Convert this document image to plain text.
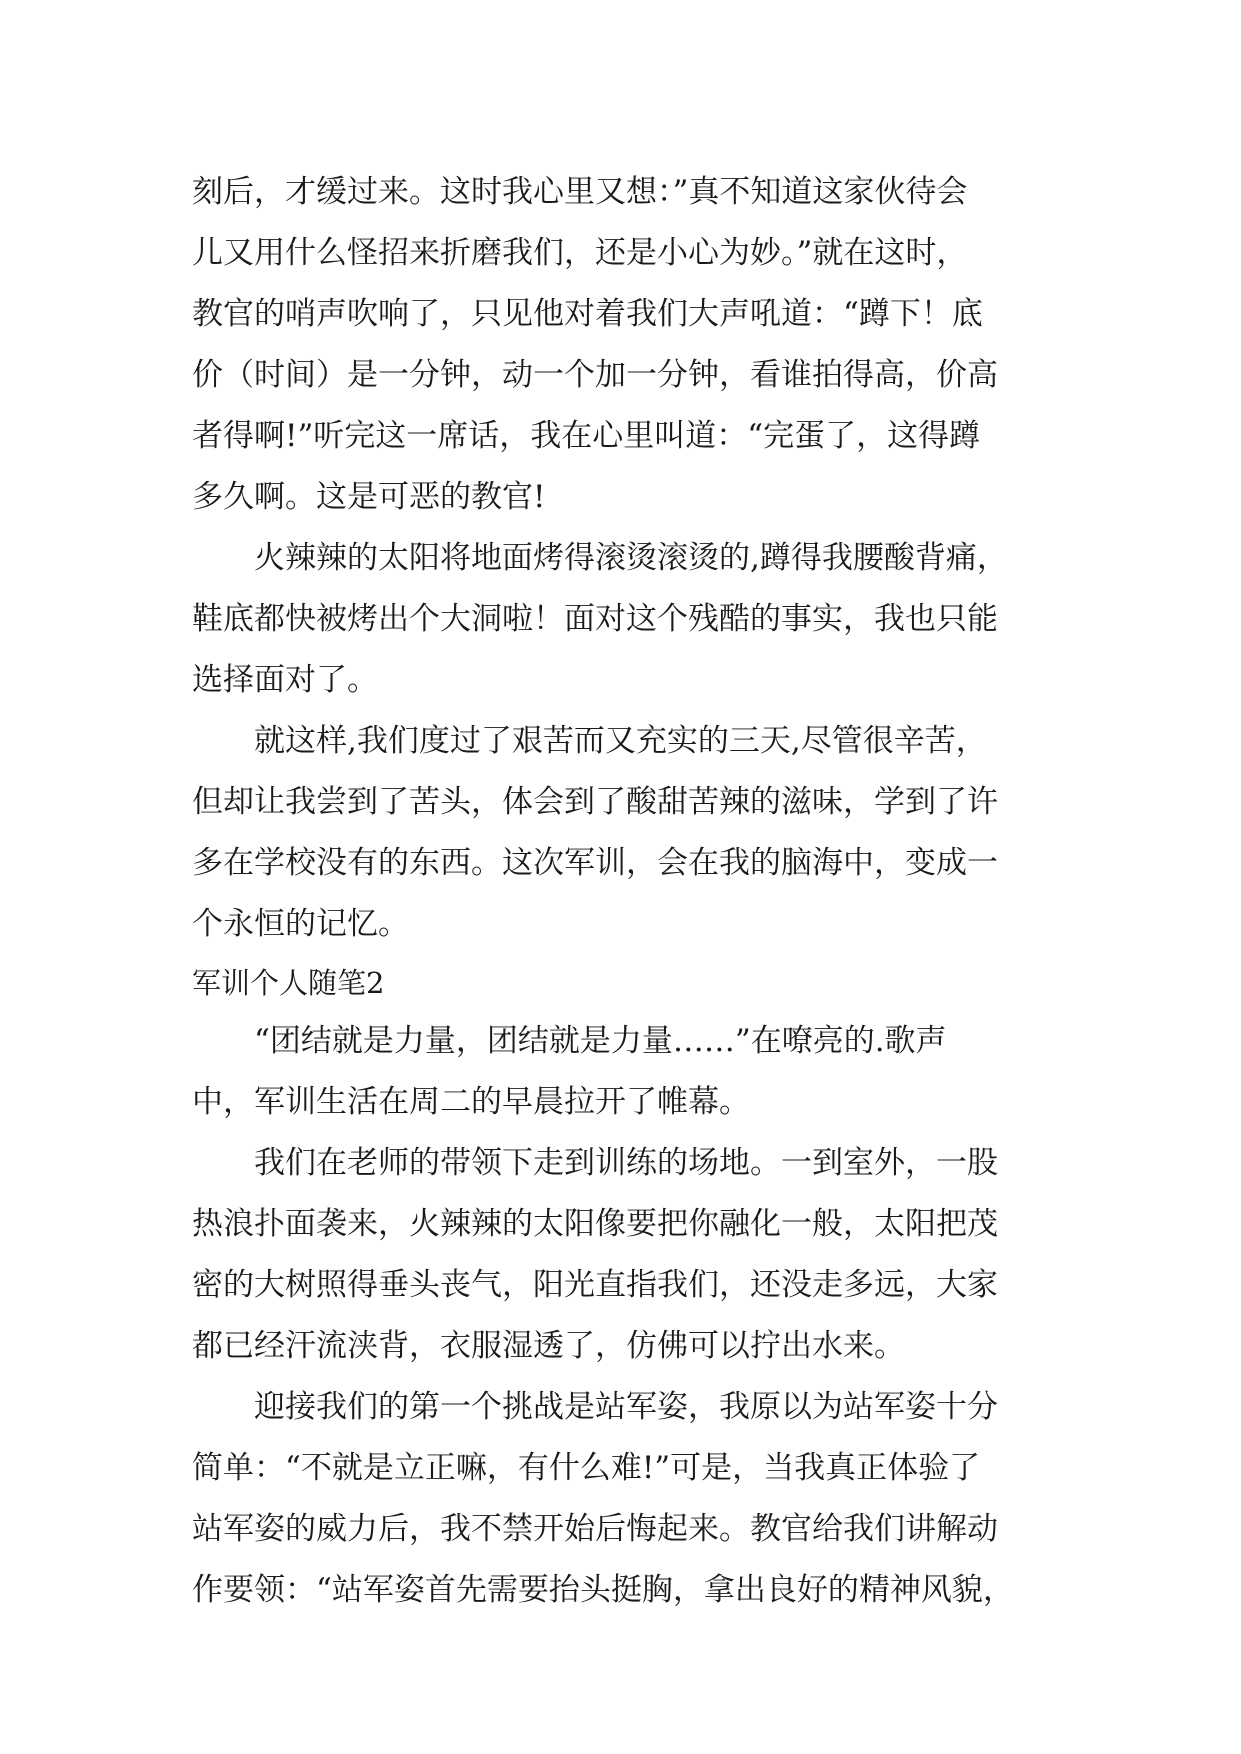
刻后，才缓过来。这时我心里又想：”真不知道这家伙待会
儿又用什么怪招来折磨我们，还是小心为妙。”就在这时，
教官的哨声吹响了，只见他对着我们大声吼道：“蹲下！底
价（时间）是一分钟，动一个加一分钟，看谁拍得高，价高
者得啊!”听完这一席话，我在心里叫道：“完蛋了，这得蹲
多久啊。这是可恶的教官!
　　火辣辣的太阳将地面烤得滚烫滚烫的,蹲得我腰酸背痛，
鞋底都快被烤出个大洞啦！面对这个残酷的事实，我也只能
选择面对了。
　　就这样,我们度过了艰苦而又充实的三天,尽管很辛苦，
但却让我尝到了苦头，体会到了酸甜苦辣的滋味，学到了许
多在学校没有的东西。这次军训，会在我的脑海中，变成一
个永恒的记忆。
军训个人随笔2
　　“团结就是力量，团结就是力量……”在嘹亮的.歌声
中，军训生活在周二的早晨拉开了帷幕。
　　我们在老师的带领下走到训练的场地。一到室外，一股
热浪扑面袭来，火辣辣的太阳像要把你融化一般，太阳把茂
密的大树照得垂头丧气，阳光直指我们，还没走多远，大家
都已经汗流浃背，衣服湿透了，仿佛可以拧出水来。
　　迎接我们的第一个挑战是站军姿，我原以为站军姿十分
简单：“不就是立正嘛，有什么难!”可是，当我真正体验了
站军姿的威力后，我不禁开始后悔起来。教官给我们讲解动
作要领：“站军姿首先需要抬头挺胸，拿出良好的精神风貌，
